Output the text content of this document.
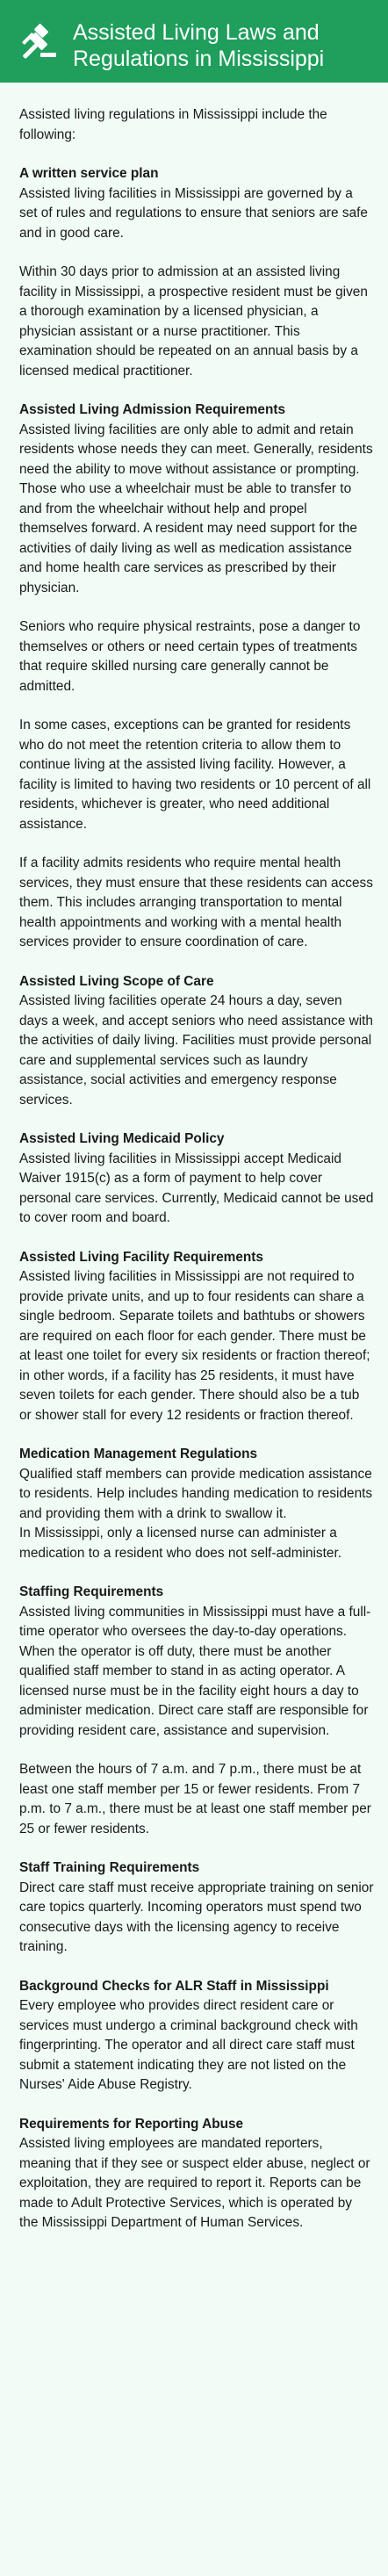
Assisted Living Laws and Regulations in Mississippi

Assisted living regulations in Mississippi include the following:

A written service plan

Assisted living facilities in Mississippi are governed by a set of rules and regulations to ensure that seniors are safe and in good care.

Within 30 days prior to admission at an assisted living facility in Mississippi, a prospective resident must be given a thorough examination by a licensed physician, a physician assistant or a nurse practitioner. This examination should be repeated on an annual basis by a licensed medical practitioner.

Assisted Living Admission Requirements

Assisted living facilities are only able to admit and retain residents whose needs they can meet. Generally, residents need the ability to move without assistance or prompting. Those who use a wheelchair must be able to transfer to and from the wheelchair without help and propel themselves forward. A resident may need support for the activities of daily living as well as medication assistance and home health care services as prescribed by their physician.

Seniors who require physical restraints, pose a danger to themselves or others or need certain types of treatments that require skilled nursing care generally cannot be admitted.

In some cases, exceptions can be granted for residents who do not meet the retention criteria to allow them to continue living at the assisted living facility. However, a facility is limited to having two residents or 10 percent of all residents, whichever is greater, who need additional assistance.

If a facility admits residents who require mental health services, they must ensure that these residents can access them. This includes arranging transportation to mental health appointments and working with a mental health services provider to ensure coordination of care.

Assisted Living Scope of Care

Assisted living facilities operate 24 hours a day, seven days a week, and accept seniors who need assistance with the activities of daily living. Facilities must provide personal care and supplemental services such as laundry assistance, social activities and emergency response services.

Assisted Living Medicaid Policy

Assisted living facilities in Mississippi accept Medicaid Waiver 1915(c) as a form of payment to help cover personal care services. Currently, Medicaid cannot be used to cover room and board.

Assisted Living Facility Requirements

Assisted living facilities in Mississippi are not required to provide private units, and up to four residents can share a single bedroom. Separate toilets and bathtubs or showers are required on each floor for each gender. There must be at least one toilet for every six residents or fraction thereof; in other words, if a facility has 25 residents, it must have seven toilets for each gender. There should also be a tub or shower stall for every 12 residents or fraction thereof.

Medication Management Regulations

Qualified staff members can provide medication assistance to residents. Help includes handing medication to residents and providing them with a drink to swallow it.
In Mississippi, only a licensed nurse can administer a medication to a resident who does not self-administer.

Staffing Requirements

Assisted living communities in Mississippi must have a full-time operator who oversees the day-to-day operations. When the operator is off duty, there must be another qualified staff member to stand in as acting operator. A licensed nurse must be in the facility eight hours a day to administer medication. Direct care staff are responsible for providing resident care, assistance and supervision.

Between the hours of 7 a.m. and 7 p.m., there must be at least one staff member per 15 or fewer residents. From 7 p.m. to 7 a.m., there must be at least one staff member per 25 or fewer residents.

Staff Training Requirements

Direct care staff must receive appropriate training on senior care topics quarterly. Incoming operators must spend two consecutive days with the licensing agency to receive training.

Background Checks for ALR Staff in Mississippi

Every employee who provides direct resident care or services must undergo a criminal background check with fingerprinting. The operator and all direct care staff must submit a statement indicating they are not listed on the Nurses' Aide Abuse Registry.

Requirements for Reporting Abuse

Assisted living employees are mandated reporters, meaning that if they see or suspect elder abuse, neglect or exploitation, they are required to report it. Reports can be made to Adult Protective Services, which is operated by the Mississippi Department of Human Services.
